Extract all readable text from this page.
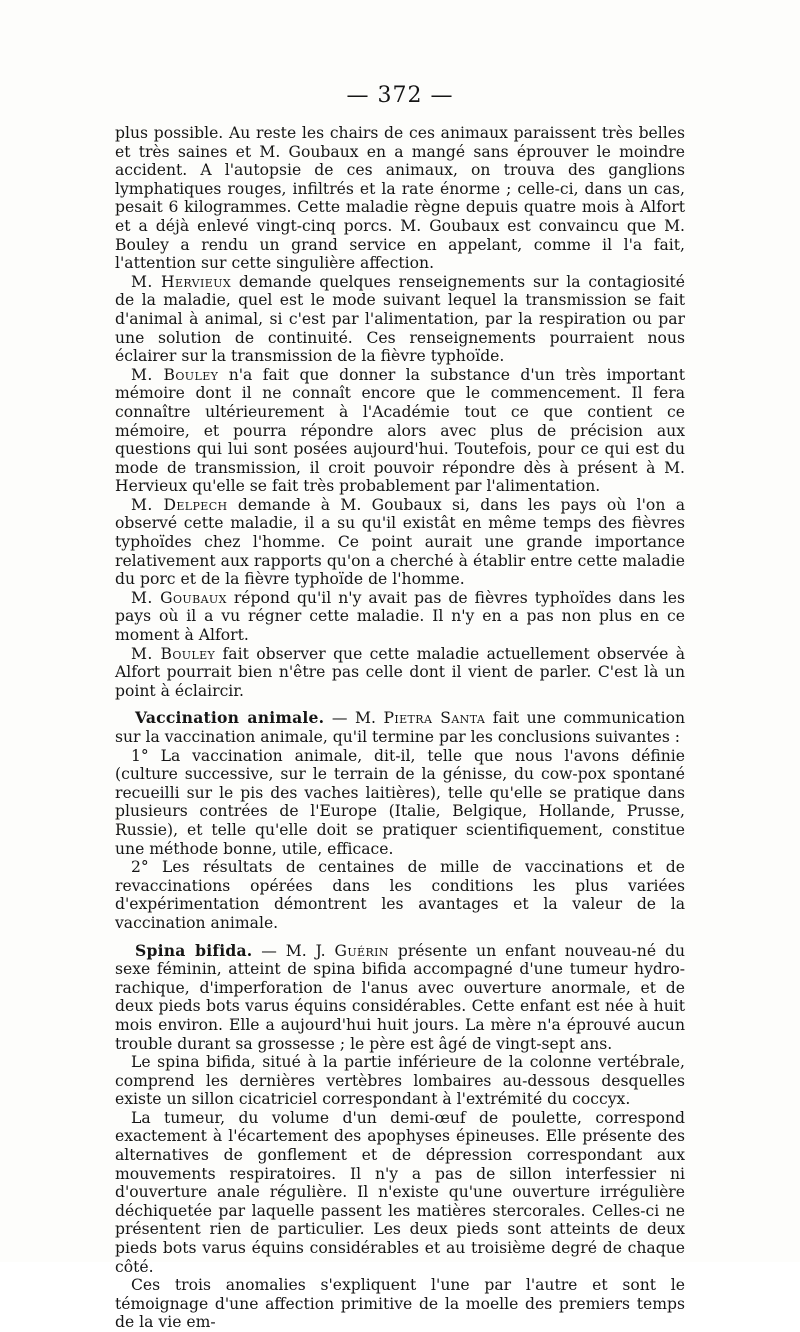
— 372 —

plus possible. Au reste les chairs de ces animaux paraissent très belles et très saines et M. Goubaux en a mangé sans éprouver le moindre accident. A l'autopsie de ces animaux, on trouva des ganglions lymphatiques rouges, infiltrés et la rate énorme ; celle-ci, dans un cas, pesait 6 kilogrammes. Cette maladie règne depuis quatre mois à Alfort et a déjà enlevé vingt-cinq porcs. M. Goubaux est convaincu que M. Bouley a rendu un grand service en appelant, comme il l'a fait, l'attention sur cette singulière affection.

M. Hervieux demande quelques renseignements sur la contagiosité de la maladie, quel est le mode suivant lequel la transmission se fait d'animal à animal, si c'est par l'alimentation, par la respiration ou par une solution de continuité. Ces renseignements pourraient nous éclairer sur la transmission de la fièvre typhoïde.

M. Bouley n'a fait que donner la substance d'un très important mémoire dont il ne connaît encore que le commencement. Il fera connaître ultérieurement à l'Académie tout ce que contient ce mémoire, et pourra répondre alors avec plus de précision aux questions qui lui sont posées aujourd'hui. Toutefois, pour ce qui est du mode de transmission, il croit pouvoir répondre dès à présent à M. Hervieux qu'elle se fait très probablement par l'alimentation.

M. Delpech demande à M. Goubaux si, dans les pays où l'on a observé cette maladie, il a su qu'il existât en même temps des fièvres typhoïdes chez l'homme. Ce point aurait une grande importance relativement aux rapports qu'on a cherché à établir entre cette maladie du porc et de la fièvre typhoïde de l'homme.

M. Goubaux répond qu'il n'y avait pas de fièvres typhoïdes dans les pays où il a vu régner cette maladie. Il n'y en a pas non plus en ce moment à Alfort.

M. Bouley fait observer que cette maladie actuellement observée à Alfort pourrait bien n'être pas celle dont il vient de parler. C'est là un point à éclaircir.

Vaccination animale. — M. Pietra Santa fait une communication sur la vaccination animale, qu'il termine par les conclusions suivantes :

1° La vaccination animale, dit-il, telle que nous l'avons définie (culture successive, sur le terrain de la génisse, du cow-pox spontané recueilli sur le pis des vaches laitières), telle qu'elle se pratique dans plusieurs contrées de l'Europe (Italie, Belgique, Hollande, Prusse, Russie), et telle qu'elle doit se pratiquer scientifiquement, constitue une méthode bonne, utile, efficace.

2° Les résultats de centaines de mille de vaccinations et de revaccinations opérées dans les conditions les plus variées d'expérimentation démontrent les avantages et la valeur de la vaccination animale.

Spina bifida. — M. J. Guérin présente un enfant nouveau-né du sexe féminin, atteint de spina bifida accompagné d'une tumeur hydro-rachique, d'imperforation de l'anus avec ouverture anormale, et de deux pieds bots varus équins considérables. Cette enfant est née à huit mois environ. Elle a aujourd'hui huit jours. La mère n'a éprouvé aucun trouble durant sa grossesse ; le père est âgé de vingt-sept ans.

Le spina bifida, situé à la partie inférieure de la colonne vertébrale, comprend les dernières vertèbres lombaires au-dessous desquelles existe un sillon cicatriciel correspondant à l'extrémité du coccyx.

La tumeur, du volume d'un demi-œuf de poulette, correspond exactement à l'écartement des apophyses épineuses. Elle présente des alternatives de gonflement et de dépression correspondant aux mouvements respiratoires. Il n'y a pas de sillon interfessier ni d'ouverture anale régulière. Il n'existe qu'une ouverture irrégulière déchiquetée par laquelle passent les matières stercorales. Celles-ci ne présentent rien de particulier. Les deux pieds sont atteints de deux pieds bots varus équins considérables et au troisième degré de chaque côté.

Ces trois anomalies s'expliquent l'une par l'autre et sont le témoignage d'une affection primitive de la moelle des premiers temps de la vie em-
